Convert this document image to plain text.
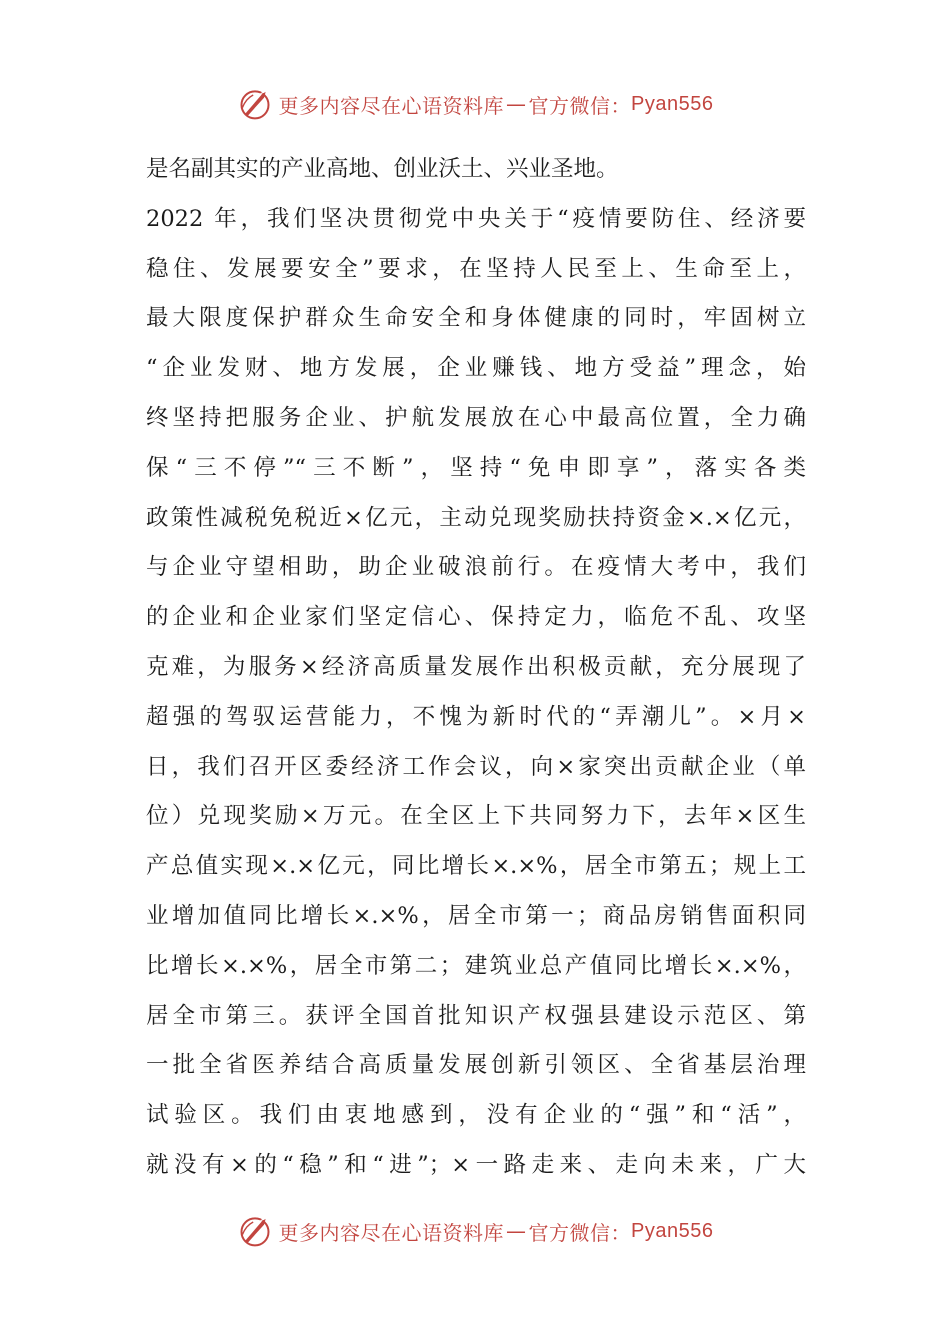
更多内容尽在心语资料库 — 官方微信： Pyan556
是名副其实的产业高地、创业沃土、兴业圣地。
2022 年，我们坚决贯彻党中央关于“疫情要防住、经济要
稳住、发展要安全”要求，在坚持人民至上、生命至上，
最大限度保护群众生命安全和身体健康的同时，牢固树立
“企业发财、地方发展，企业赚钱、地方受益”理念，始
终坚持把服务企业、护航发展放在心中最高位置，全力确
保“三不停”“三不断”，坚持“免申即享”，落实各类
政策性减税免税近×亿元，主动兑现奖励扶持资金×.×亿元，
与企业守望相助，助企业破浪前行。在疫情大考中，我们
的企业和企业家们坚定信心、保持定力，临危不乱、攻坚
克难，为服务×经济高质量发展作出积极贡献，充分展现了
超强的驾驭运营能力，不愧为新时代的“弄潮儿”。×月×
日，我们召开区委经济工作会议，向×家突出贡献企业（单
位）兑现奖励×万元。在全区上下共同努力下，去年×区生
产总值实现×.×亿元，同比增长×.×%，居全市第五；规上工
业增加值同比增长×.×%，居全市第一；商品房销售面积同
比增长×.×%，居全市第二；建筑业总产值同比增长×.×%，
居全市第三。获评全国首批知识产权强县建设示范区、第
一批全省医养结合高质量发展创新引领区、全省基层治理
试验区。我们由衷地感到，没有企业的“强”和“活”，
就没有×的“稳”和“进”；×一路走来、走向未来，广大
更多内容尽在心语资料库 — 官方微信： Pyan556
